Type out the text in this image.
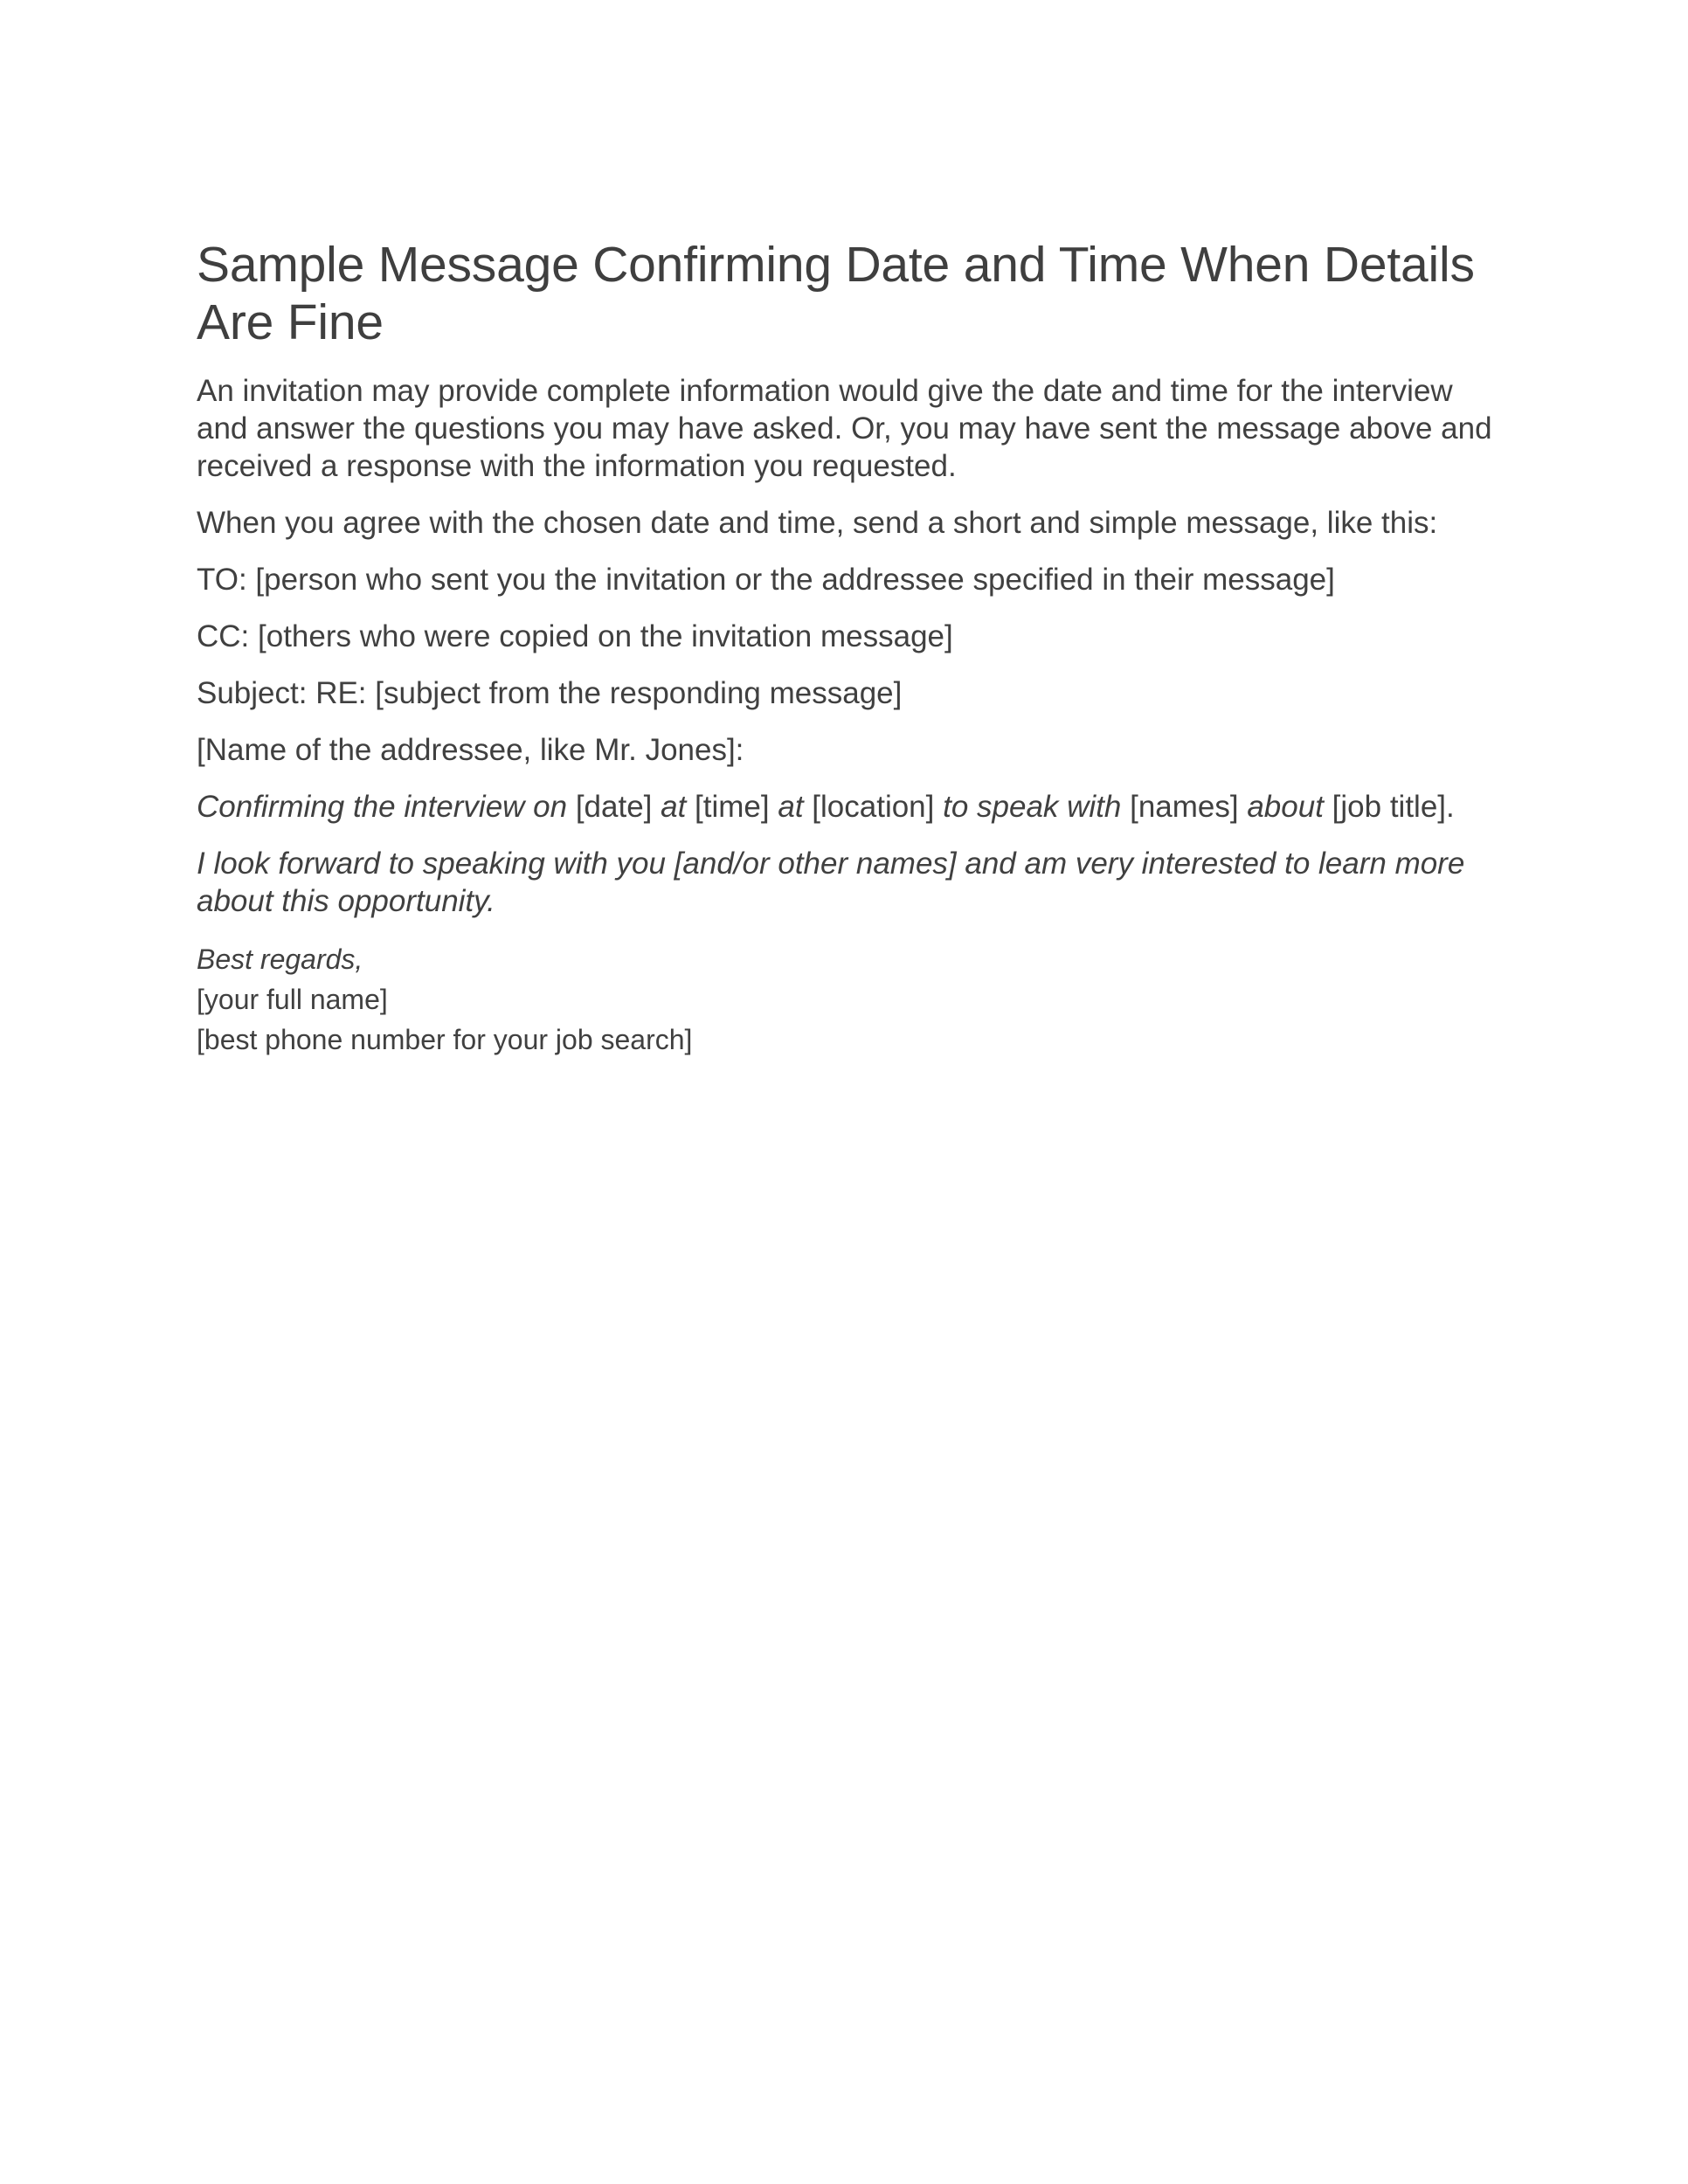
Sample Message Confirming Date and Time When Details Are Fine

An invitation may provide complete information would give the date and time for the interview and answer the questions you may have asked. Or, you may have sent the message above and received a response with the information you requested.

When you agree with the chosen date and time, send a short and simple message, like this:

TO: [person who sent you the invitation or the addressee specified in their message]

CC: [others who were copied on the invitation message]

Subject: RE: [subject from the responding message]

[Name of the addressee, like Mr. Jones]:

Confirming the interview on [date] at [time] at [location] to speak with [names] about [job title].

I look forward to speaking with you [and/or other names] and am very interested to learn more about this opportunity.

Best regards,
[your full name]
[best phone number for your job search]
